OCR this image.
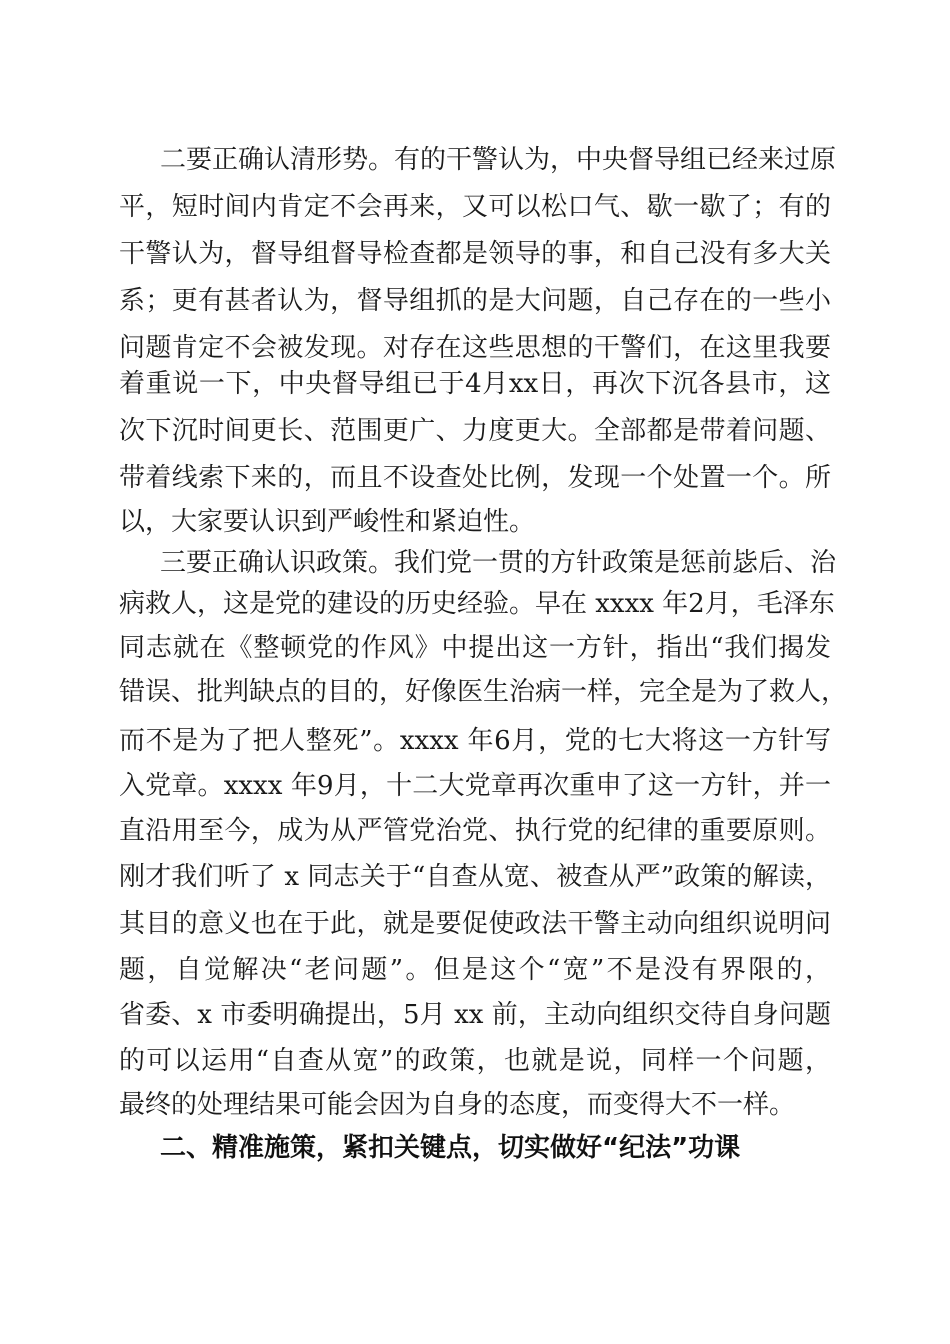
二要正确认清形势。有的干警认为，中央督导组已经来过原
平，短时间内肯定不会再来，又可以松口气、歇一歇了；有的
干警认为，督导组督导检查都是领导的事，和自己没有多大关
系；更有甚者认为，督导组抓的是大问题，自己存在的一些小
问题肯定不会被发现。对存在这些思想的干警们，在这里我要
着重说一下，中央督导组已于4月xx日，再次下沉各县市，这
次下沉时间更长、范围更广、力度更大。全部都是带着问题、
带着线索下来的，而且不设查处比例，发现一个处置一个。所
以，大家要认识到严峻性和紧迫性。
三要正确认识政策。我们党一贯的方针政策是惩前毖后、治
病救人，这是党的建设的历史经验。早在 xxxx 年2月，毛泽东
同志就在《整顿党的作风》中提出这一方针，指出“我们揭发
错误、批判缺点的目的，好像医生治病一样，完全是为了救人，
而不是为了把人整死”。xxxx 年6月，党的七大将这一方针写
入党章。xxxx 年9月，十二大党章再次重申了这一方针，并一
直沿用至今，成为从严管党治党、执行党的纪律的重要原则。
刚才我们听了 x 同志关于“自查从宽、被查从严”政策的解读，
其目的意义也在于此，就是要促使政法干警主动向组织说明问
题，自觉解决“老问题”。但是这个“宽”不是没有界限的，
省委、x 市委明确提出，5月 xx 前，主动向组织交待自身问题
的可以运用“自查从宽”的政策，也就是说，同样一个问题，
最终的处理结果可能会因为自身的态度，而变得大不一样。
二、精准施策，紧扣关键点，切实做好“纪法”功课
